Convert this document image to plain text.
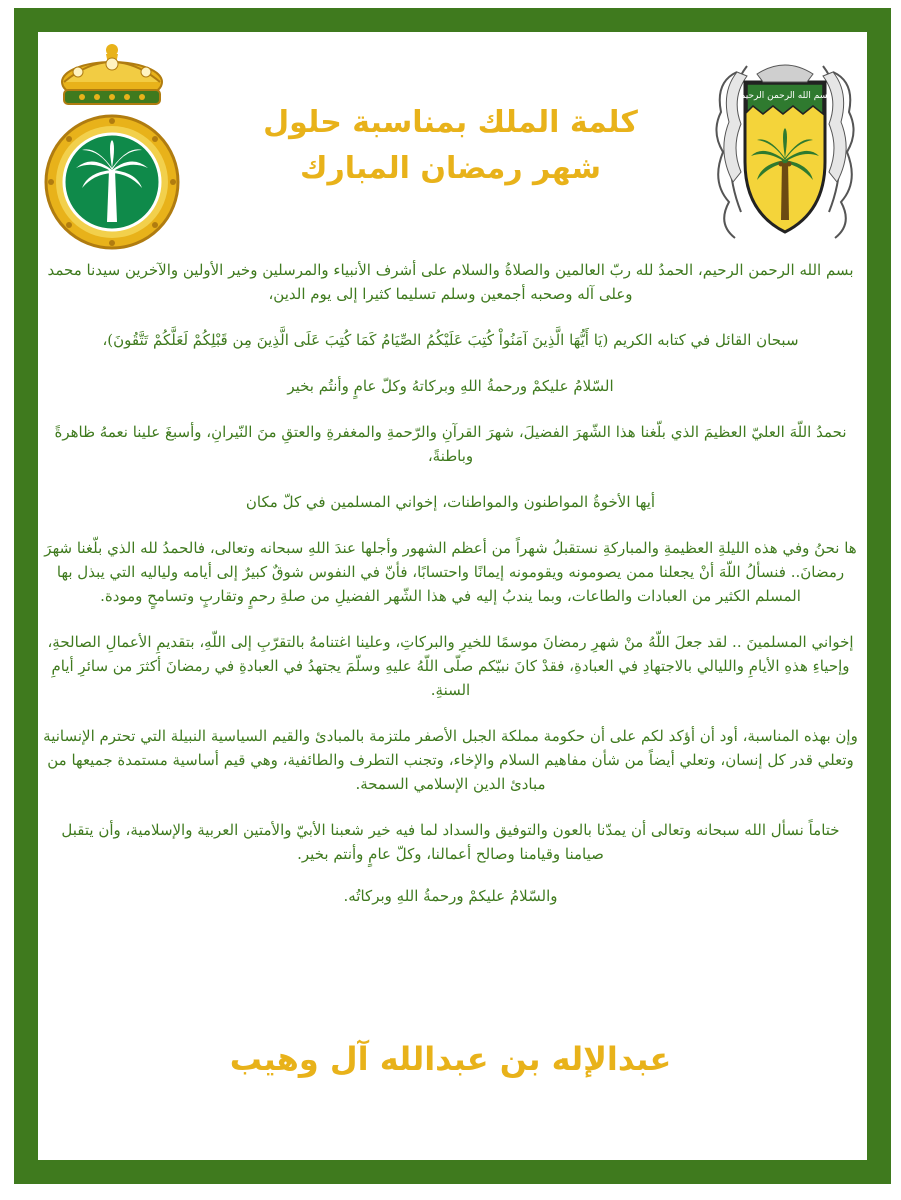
بسم الله الرحمن الرحيم
كلمة الملك بمناسبة حلول
شهر رمضان المبارك

بسم الله الرحمن الرحيم، الحمدُ لله ربّ العالمين والصلاةُ والسلام على أشرف الأنبياء والمرسلين وخير الأولين والآخرين سيدنا محمد وعلى آله وصحبه أجمعين وسلم تسليما كثيرا إلى يوم الدين،

سبحان القائل في كتابه الكريم (يَا أَيُّهَا الَّذِينَ آمَنُواْ كُتِبَ عَلَيْكُمُ الصِّيَامُ كَمَا كُتِبَ عَلَى الَّذِينَ مِن قَبْلِكُمْ لَعَلَّكُمْ تَتَّقُونَ)،

السّلامُ عليكمْ ورحمةُ اللهِ وبركاتهُ وكلّ عامٍ وأنتُم بخير

نحمدُ اللّهَ العليّ العظيمَ الذي بلّغنا هذا الشّهرَ الفضيلَ، شهرَ القرآنِ والرّحمةِ والمغفرةِ والعتقِ منَ النّيرانِ، وأسبغَ علينا نعمهُ ظاهرةً وباطنةً،

أيها الأخوةُ المواطنون والمواطنات، إخواني المسلمين في كلّ مكان

ها نحنُ وفي هذه الليلةِ العظيمةِ والمباركةِ نستقبلُ شهراً من أعظم الشهور وأجلها عندَ اللهِ سبحانه وتعالى، فالحمدُ لله الذي بلّغنا شهرَ رمضانَ.. فنسألُ اللّهَ أنْ يجعلنا ممن يصومونه ويقومونه إيمانًا واحتسابًا، فأنّ في النفوس شوقٌ كبيرٌ إلى أيامه ولياليه التي يبذل بها المسلم الكثير من العبادات والطاعات، وبما يندبُ إليه في هذا الشّهر الفضيلِ من صلةِ رحمٍ وتقاربٍ وتسامحٍ ومودة.

إخواني المسلمينَ .. لقد جعلَ اللّهُ منْ شهرِ رمضانَ موسمًا للخيرِ والبركاتِ، وعلينا اغتنامهُ بالتقرّبِ إلى اللّهِ، بتقديمِ الأعمالِ الصالحةِ، وإحياءِ هذهِ الأيامِ والليالي بالاجتهادِ في العبادةِ، فقدْ كانَ نبيّكم صلّى اللّهُ عليهِ وسلّمَ يجتهدُ في العبادةِ في رمضانَ أكثرَ من سائرِ أيامِ السنةِ.

وإن بهذه المناسبة، أود أن أؤكد لكم على أن حكومة مملكة الجبل الأصفر ملتزمة بالمبادئ والقيم السياسية النبيلة التي تحترم الإنسانية وتعلي قدر كل إنسان، وتعلي أيضاً من شأن مفاهيم السلام والإخاء، وتجنب التطرف والطائفية، وهي قيم أساسية مستمدة جميعها من مبادئ الدين الإسلامي السمحة.

ختاماً نسأل الله سبحانه وتعالى أن يمدّنا بالعون والتوفيق والسداد لما فيه خير شعبنا الأبيّ والأمتين العربية والإسلامية، وأن يتقبل صيامنا وقيامنا وصالح أعمالنا، وكلّ عامٍ وأنتم بخير.

والسّلامُ عليكمْ ورحمةُ اللهِ وبركاتُه.

عبدالإله بن عبدالله آل وهيب
